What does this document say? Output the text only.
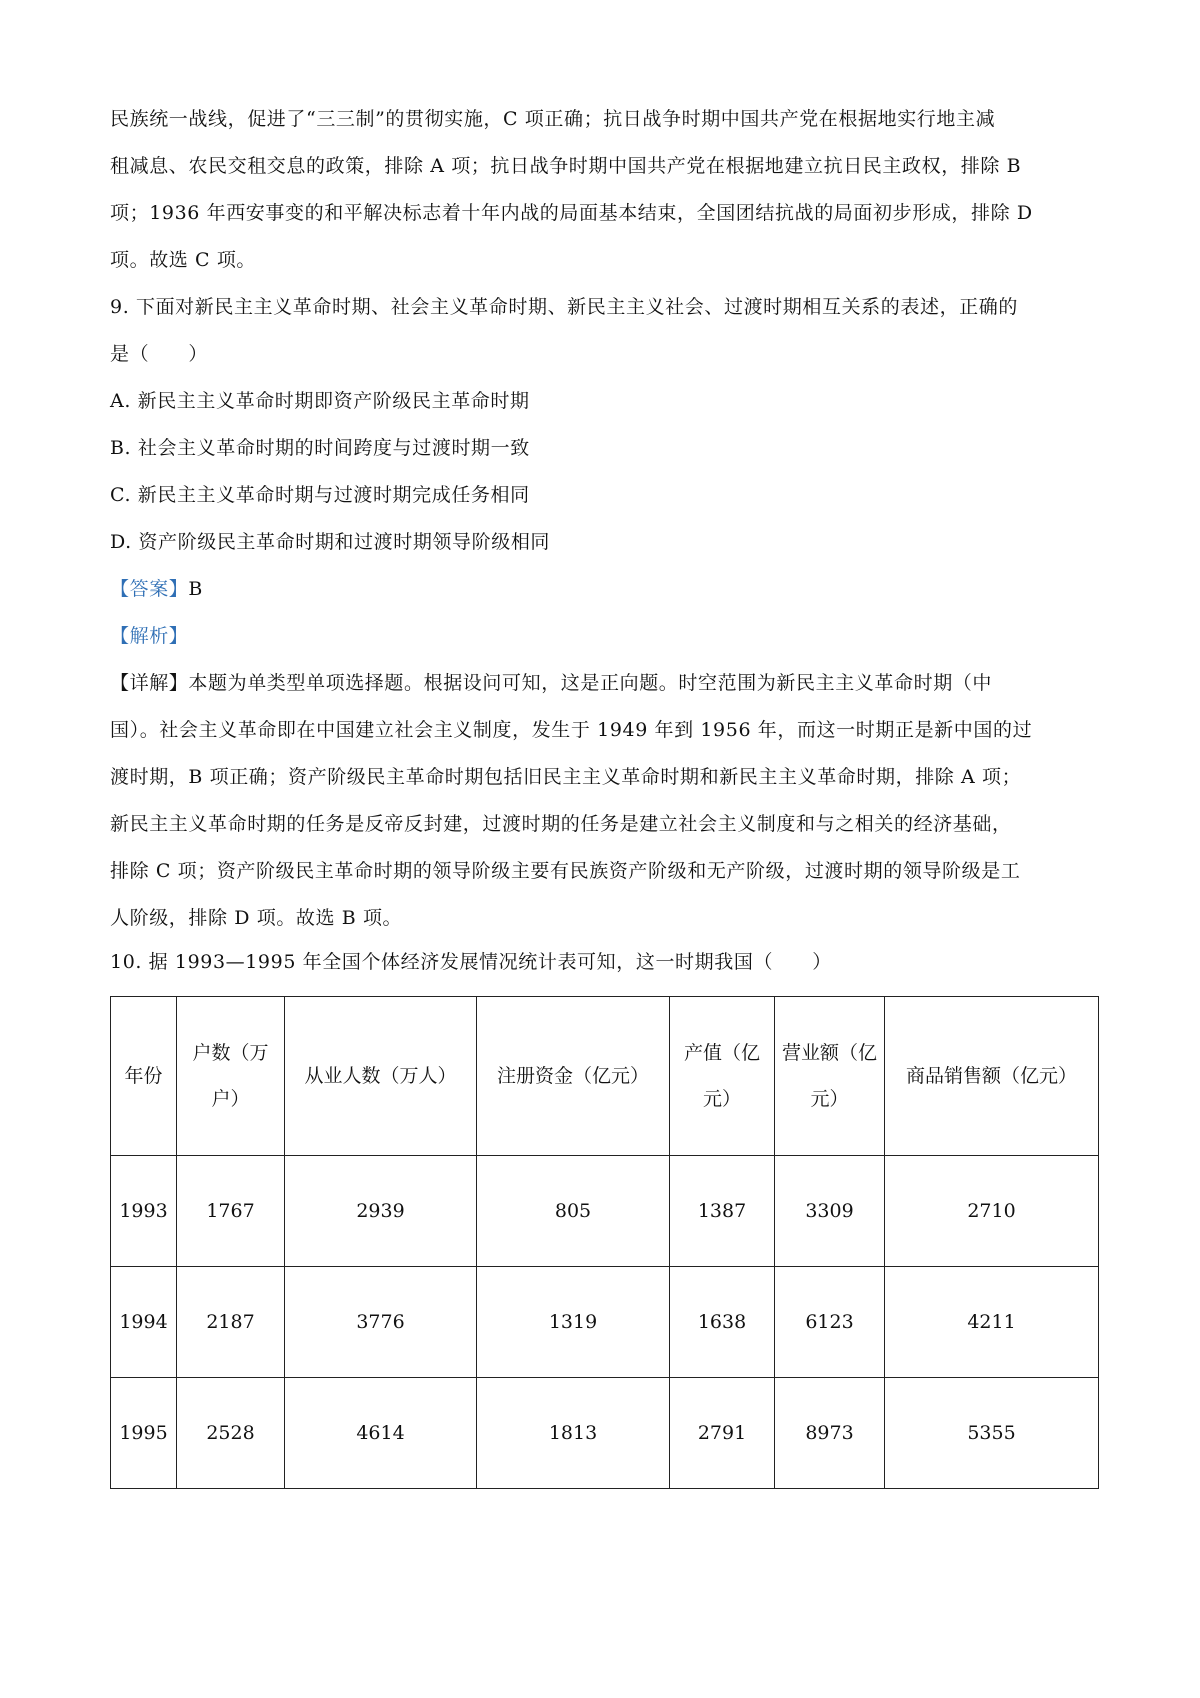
民族统一战线，促进了“三三制”的贯彻实施，C 项正确；抗日战争时期中国共产党在根据地实行地主减
租减息、农民交租交息的政策，排除 A 项；抗日战争时期中国共产党在根据地建立抗日民主政权，排除 B
项；1936 年西安事变的和平解决标志着十年内战的局面基本结束，全国团结抗战的局面初步形成，排除 D
项。故选 C 项。
9. 下面对新民主主义革命时期、社会主义革命时期、新民主主义社会、过渡时期相互关系的表述，正确的
是（　　）
A. 新民主主义革命时期即资产阶级民主革命时期
B. 社会主义革命时期的时间跨度与过渡时期一致
C. 新民主主义革命时期与过渡时期完成任务相同
D. 资产阶级民主革命时期和过渡时期领导阶级相同
【答案】B
【解析】
【详解】本题为单类型单项选择题。根据设问可知，这是正向题。时空范围为新民主主义革命时期（中
国）。社会主义革命即在中国建立社会主义制度，发生于 1949 年到 1956 年，而这一时期正是新中国的过
渡时期，B 项正确；资产阶级民主革命时期包括旧民主主义革命时期和新民主主义革命时期，排除 A 项；
新民主主义革命时期的任务是反帝反封建，过渡时期的任务是建立社会主义制度和与之相关的经济基础，
排除 C 项；资产阶级民主革命时期的领导阶级主要有民族资产阶级和无产阶级，过渡时期的领导阶级是工
人阶级，排除 D 项。故选 B 项。
10. 据 1993—1995 年全国个体经济发展情况统计表可知，这一时期我国（　　）
年份	户数（万户）	从业人数（万人）	注册资金（亿元）	产值（亿元）	营业额（亿元）	商品销售额（亿元）
1993	1767	2939	805	1387	3309	2710
1994	2187	3776	1319	1638	6123	4211
1995	2528	4614	1813	2791	8973	5355
